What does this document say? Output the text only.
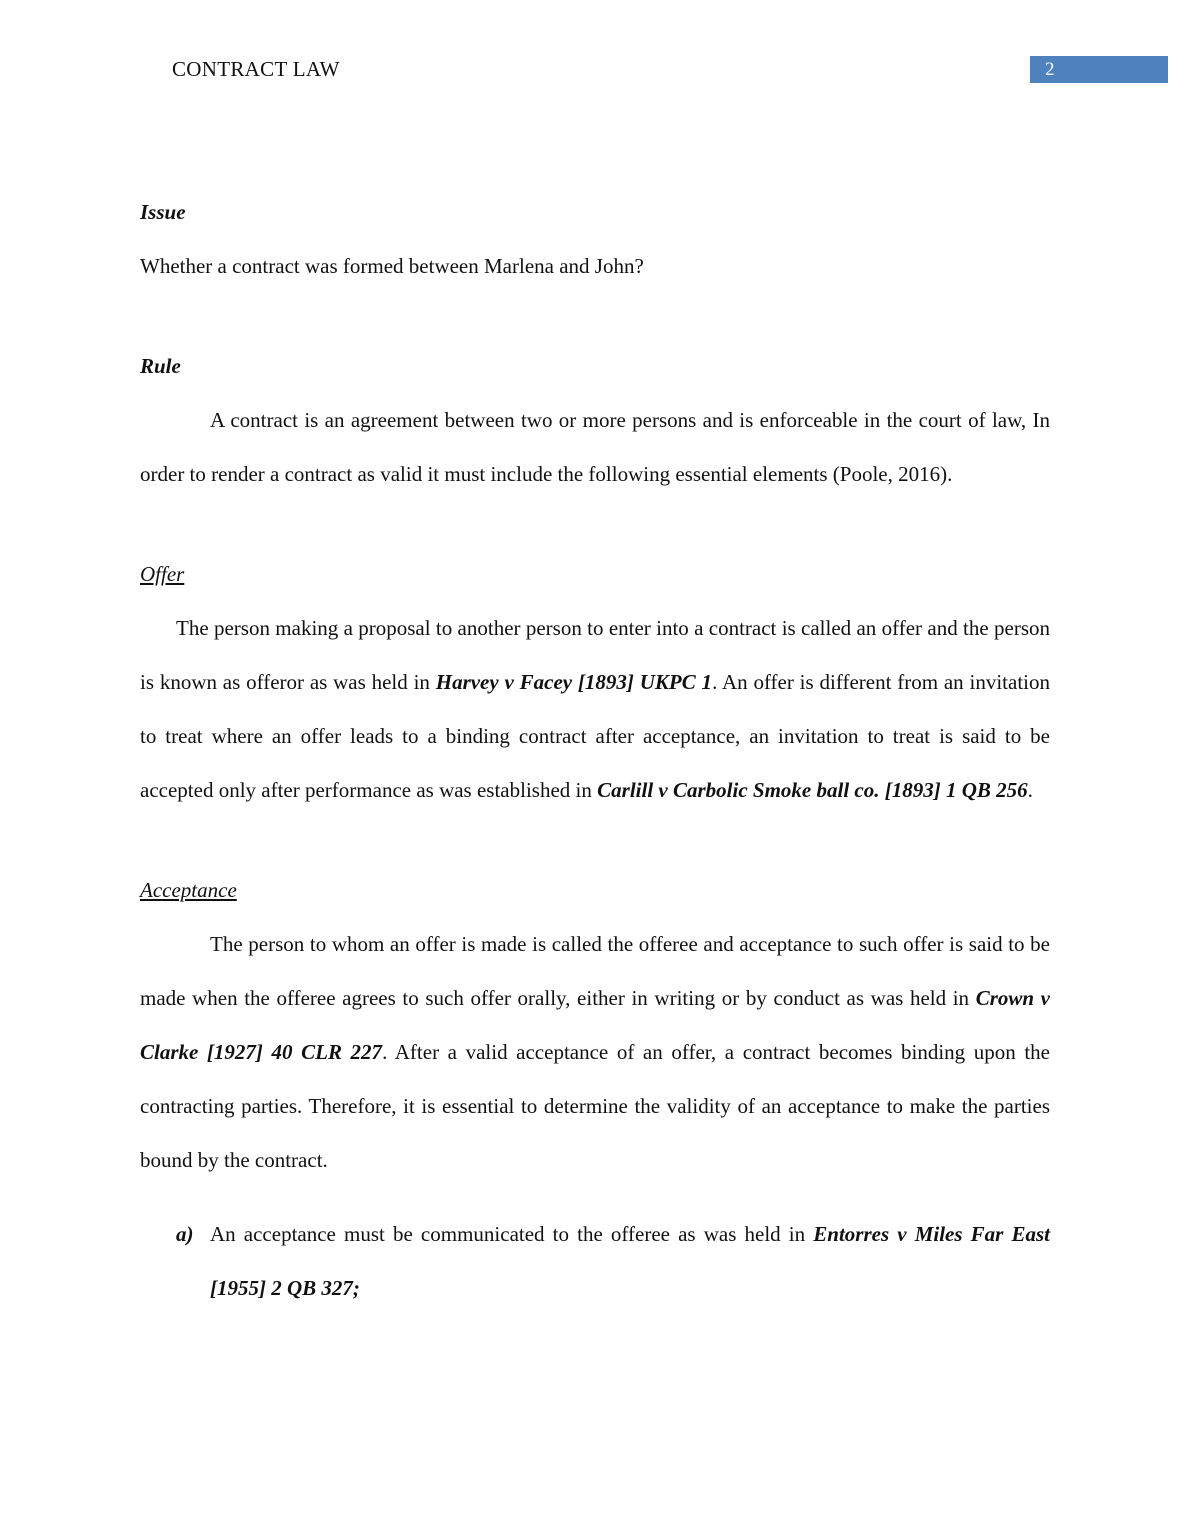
CONTRACT LAW	2
Issue

Whether a contract was formed between Marlena and John?

Rule

A contract is an agreement between two or more persons and is enforceable in the court of law, In order to render a contract as valid it must include the following essential elements (Poole, 2016).

Offer

The person making a proposal to another person to enter into a contract is called an offer and the person is known as offeror as was held in Harvey v Facey [1893] UKPC 1. An offer is different from an invitation to treat where an offer leads to a binding contract after acceptance, an invitation to treat is said to be accepted only after performance as was established in Carlill v Carbolic Smoke ball co. [1893] 1 QB 256.

Acceptance

The person to whom an offer is made is called the offeree and acceptance to such offer is said to be made when the offeree agrees to such offer orally, either in writing or by conduct as was held in Crown v Clarke [1927] 40 CLR 227. After a valid acceptance of an offer, a contract becomes binding upon the contracting parties. Therefore, it is essential to determine the validity of an acceptance to make the parties bound by the contract.

a) An acceptance must be communicated to the offeree as was held in Entorres v Miles Far East [1955] 2 QB 327;
